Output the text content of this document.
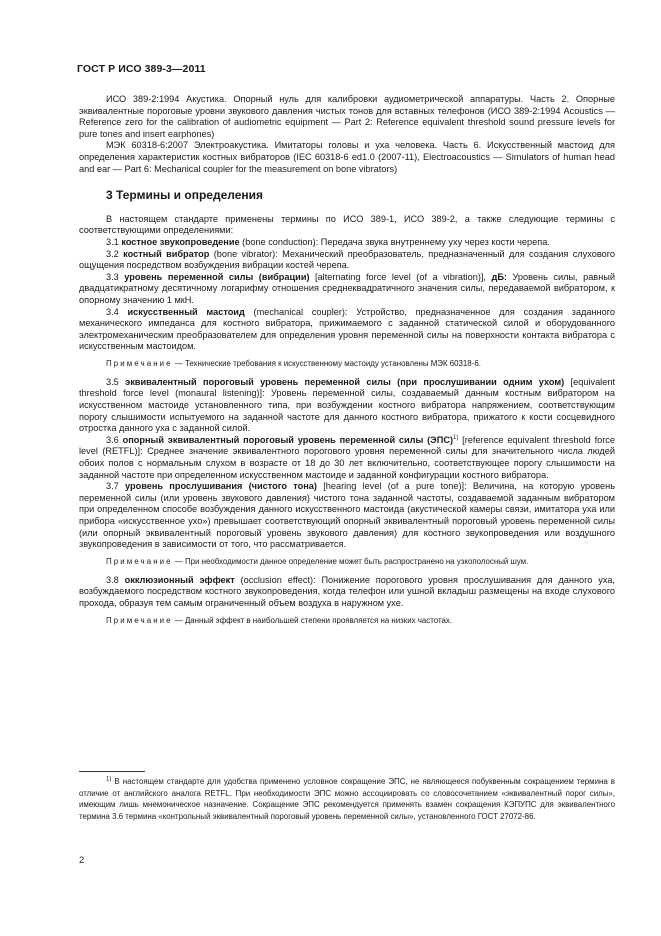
ГОСТ Р ИСО 389-3—2011

ИСО 389-2:1994 Акустика. Опорный нуль для калибровки аудиометрической аппаратуры. Часть 2. Опорные эквивалентные пороговые уровни звукового давления чистых тонов для вставных телефонов (ИСО 389-2:1994 Acoustics — Reference zero for the calibration of audiometric equipment — Part 2: Reference equivalent threshold sound pressure levels for pure tones and insert earphones)

МЭК 60318-6:2007 Электроакустика. Имитаторы головы и уха человека. Часть 6. Искусственный мастоид для определения характеристик костных вибраторов (IEC 60318-6 ed1.0 (2007-11), Electroacoustics — Simulators of human head and ear — Part 6: Mechanical coupler for the measurement on bone vibrators)

3 Термины и определения

В настоящем стандарте применены термины по ИСО 389-1, ИСО 389-2, а также следующие термины с соответствующими определениями:

3.1 костное звукопроведение (bone conduction): Передача звука внутреннему уху через кости черепа.

3.2 костный вибратор (bone vibrator): Механический преобразователь, предназначенный для создания слухового ощущения посредством возбуждения вибрации костей черепа.

3.3 уровень переменной силы (вибрации) [alternating force level (of a vibration)], дБ: Уровень силы, равный двадцатикратному десятичному логарифму отношения среднеквадратичного значения силы, передаваемой вибратором, к опорному значению 1 мкН.

3.4 искусственный мастоид (mechanical coupler): Устройство, предназначенное для создания заданного механического импеданса для костного вибратора, прижимаемого с заданной статической силой и оборудованного электромеханическим преобразователем для определения уровня переменной силы на поверхности контакта вибратора с искусственным мастоидом.

Примечание — Технические требования к искусственному мастоиду установлены МЭК 60318-6.

3.5 эквивалентный пороговый уровень переменной силы (при прослушивании одним ухом) [equivalent threshold force level (monaural listening)]: Уровень переменной силы, создаваемый данным костным вибратором на искусственном мастоиде установленного типа, при возбуждении костного вибратора напряжением, соответствующим порогу слышимости испытуемого на заданной частоте для данного костного вибратора, прижатого к кости сосцевидного отростка данного уха с заданной силой.

3.6 опорный эквивалентный пороговый уровень переменной силы (ЭПС)$^{1)}$ [reference equivalent threshold force level (RETFL)]: Среднее значение эквивалентного порогового уровня переменной силы для значительного числа людей обоих полов с нормальным слухом в возрасте от 18 до 30 лет включительно, соответствующее порогу слышимости на заданной частоте при определенном искусственном мастоиде и заданной конфигурации костного вибратора.

3.7 уровень прослушивания (чистого тона) [hearing level (of a pure tone)]: Величина, на которую уровень переменной силы (или уровень звукового давления) чистого тона заданной частоты, создаваемой заданным вибратором при определенном способе возбуждения данного искусственного мастоида (акустической камеры связи, имитатора уха или прибора «искусственное ухо») превышает соответствующий опорный эквивалентный пороговый уровень переменной силы (или опорный эквивалентный пороговый уровень звукового давления) для костного звукопроведения или воздушного звукопроведения в зависимости от того, что рассматривается.

Примечание — При необходимости данное определение может быть распространено на узкополосный шум.

3.8 окклюзионный эффект (occlusion effect): Понижение порогового уровня прослушивания для данного уха, возбуждаемого посредством костного звукопроведения, когда телефон или ушной вкладыш размещены на входе слухового прохода, образуя тем самым ограниченный объем воздуха в наружном ухе.

Примечание — Данный эффект в наибольшей степени проявляется на низких частотах.

$^{1)}$ В настоящем стандарте для удобства применено условное сокращение ЭПС, не являющееся побуквенным сокращением термина в отличие от английского аналога RETFL. При необходимости ЭПС можно ассоциировать со словосочетанием «эквивалентный порог силы», имеющим лишь мнемоническое назначение. Сокращение ЭПС рекомендуется применять взамен сокращения КЭПУПС для эквивалентного термина 3.6 термина «контрольный эквивалентный пороговый уровень переменной силы», установленного ГОСТ 27072-86.

2
